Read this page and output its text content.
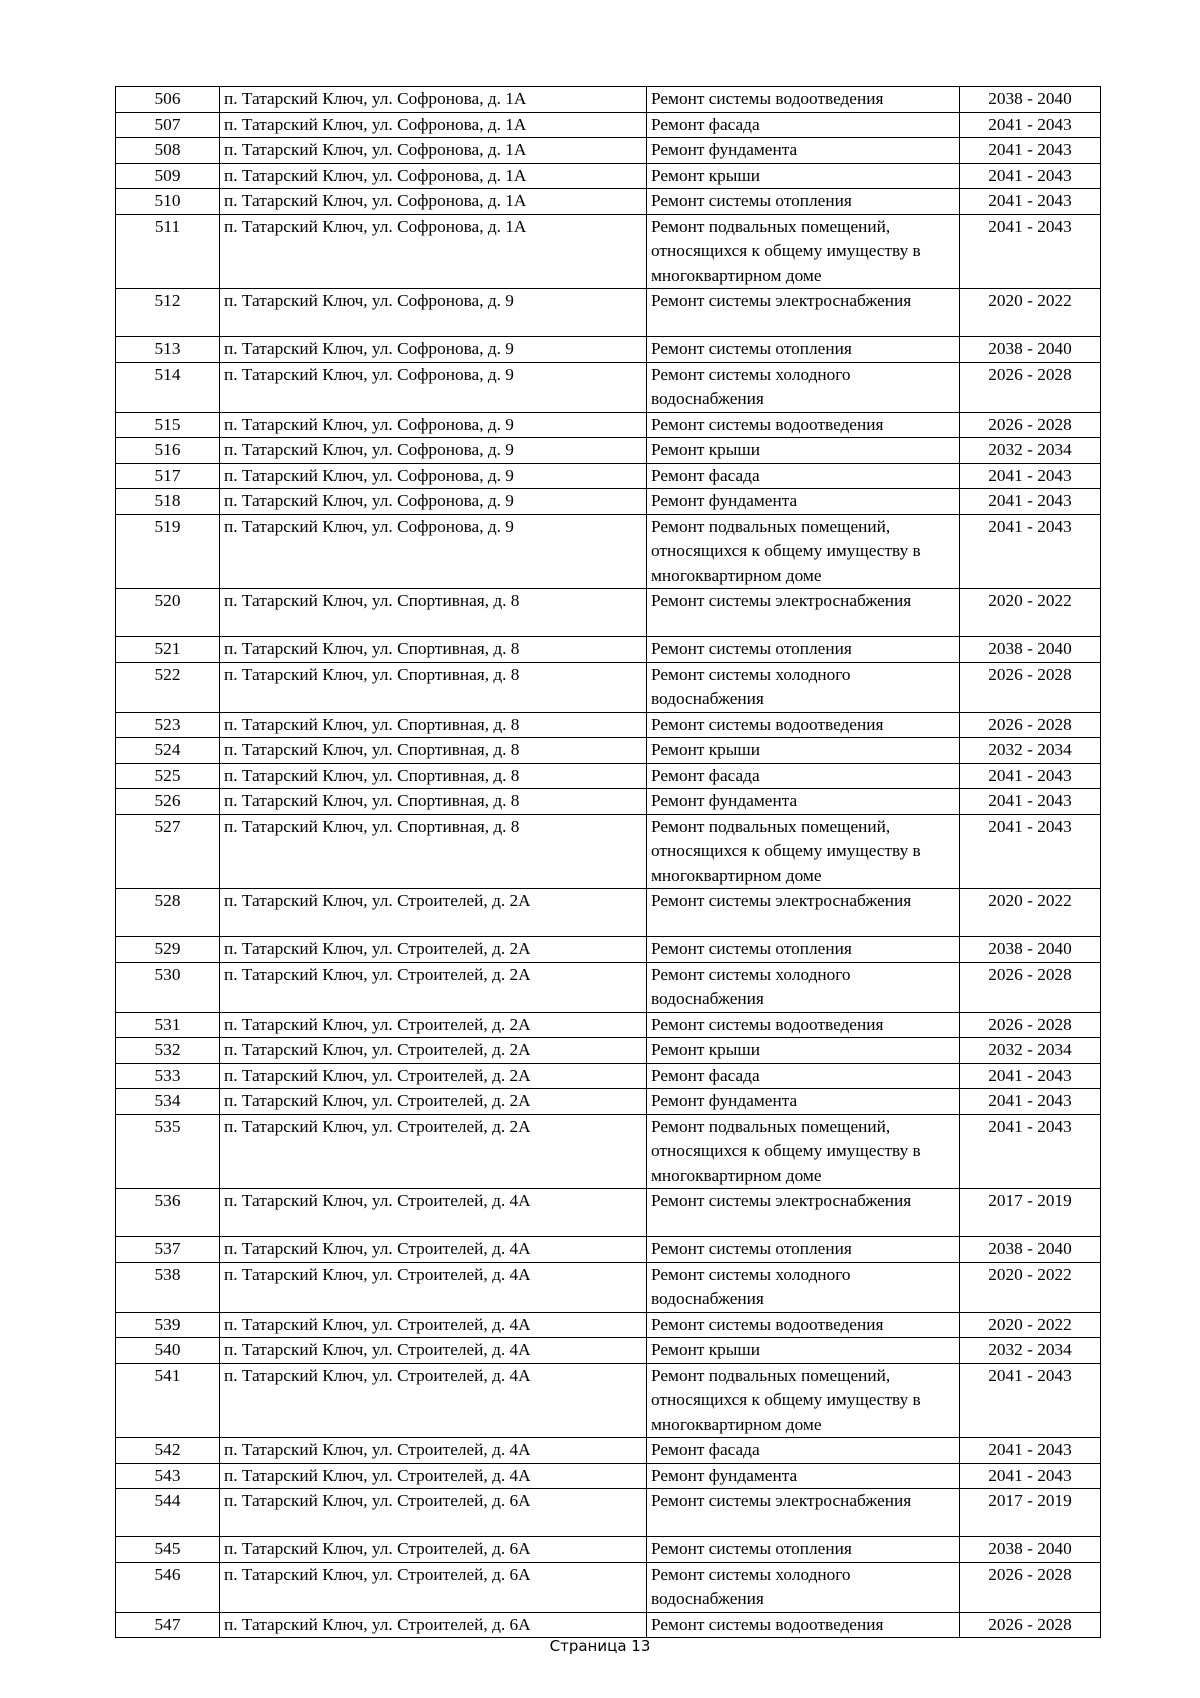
506	п. Татарский Ключ, ул. Софронова, д. 1А	Ремонт системы водоотведения	2038 - 2040
507	п. Татарский Ключ, ул. Софронова, д. 1А	Ремонт фасада	2041 - 2043
508	п. Татарский Ключ, ул. Софронова, д. 1А	Ремонт фундамента	2041 - 2043
509	п. Татарский Ключ, ул. Софронова, д. 1А	Ремонт крыши	2041 - 2043
510	п. Татарский Ключ, ул. Софронова, д. 1А	Ремонт системы отопления	2041 - 2043
511	п. Татарский Ключ, ул. Софронова, д. 1А	Ремонт подвальных помещений, относящихся к общему имуществу в многоквартирном доме	2041 - 2043
512	п. Татарский Ключ, ул. Софронова, д. 9	Ремонт системы электроснабжения	2020 - 2022
513	п. Татарский Ключ, ул. Софронова, д. 9	Ремонт системы отопления	2038 - 2040
514	п. Татарский Ключ, ул. Софронова, д. 9	Ремонт системы холодного водоснабжения	2026 - 2028
515	п. Татарский Ключ, ул. Софронова, д. 9	Ремонт системы водоотведения	2026 - 2028
516	п. Татарский Ключ, ул. Софронова, д. 9	Ремонт крыши	2032 - 2034
517	п. Татарский Ключ, ул. Софронова, д. 9	Ремонт фасада	2041 - 2043
518	п. Татарский Ключ, ул. Софронова, д. 9	Ремонт фундамента	2041 - 2043
519	п. Татарский Ключ, ул. Софронова, д. 9	Ремонт подвальных помещений, относящихся к общему имуществу в многоквартирном доме	2041 - 2043
520	п. Татарский Ключ, ул. Спортивная, д. 8	Ремонт системы электроснабжения	2020 - 2022
521	п. Татарский Ключ, ул. Спортивная, д. 8	Ремонт системы отопления	2038 - 2040
522	п. Татарский Ключ, ул. Спортивная, д. 8	Ремонт системы холодного водоснабжения	2026 - 2028
523	п. Татарский Ключ, ул. Спортивная, д. 8	Ремонт системы водоотведения	2026 - 2028
524	п. Татарский Ключ, ул. Спортивная, д. 8	Ремонт крыши	2032 - 2034
525	п. Татарский Ключ, ул. Спортивная, д. 8	Ремонт фасада	2041 - 2043
526	п. Татарский Ключ, ул. Спортивная, д. 8	Ремонт фундамента	2041 - 2043
527	п. Татарский Ключ, ул. Спортивная, д. 8	Ремонт подвальных помещений, относящихся к общему имуществу в многоквартирном доме	2041 - 2043
528	п. Татарский Ключ, ул. Строителей, д. 2А	Ремонт системы электроснабжения	2020 - 2022
529	п. Татарский Ключ, ул. Строителей, д. 2А	Ремонт системы отопления	2038 - 2040
530	п. Татарский Ключ, ул. Строителей, д. 2А	Ремонт системы холодного водоснабжения	2026 - 2028
531	п. Татарский Ключ, ул. Строителей, д. 2А	Ремонт системы водоотведения	2026 - 2028
532	п. Татарский Ключ, ул. Строителей, д. 2А	Ремонт крыши	2032 - 2034
533	п. Татарский Ключ, ул. Строителей, д. 2А	Ремонт фасада	2041 - 2043
534	п. Татарский Ключ, ул. Строителей, д. 2А	Ремонт фундамента	2041 - 2043
535	п. Татарский Ключ, ул. Строителей, д. 2А	Ремонт подвальных помещений, относящихся к общему имуществу в многоквартирном доме	2041 - 2043
536	п. Татарский Ключ, ул. Строителей, д. 4А	Ремонт системы электроснабжения	2017 - 2019
537	п. Татарский Ключ, ул. Строителей, д. 4А	Ремонт системы отопления	2038 - 2040
538	п. Татарский Ключ, ул. Строителей, д. 4А	Ремонт системы холодного водоснабжения	2020 - 2022
539	п. Татарский Ключ, ул. Строителей, д. 4А	Ремонт системы водоотведения	2020 - 2022
540	п. Татарский Ключ, ул. Строителей, д. 4А	Ремонт крыши	2032 - 2034
541	п. Татарский Ключ, ул. Строителей, д. 4А	Ремонт подвальных помещений, относящихся к общему имуществу в многоквартирном доме	2041 - 2043
542	п. Татарский Ключ, ул. Строителей, д. 4А	Ремонт фасада	2041 - 2043
543	п. Татарский Ключ, ул. Строителей, д. 4А	Ремонт фундамента	2041 - 2043
544	п. Татарский Ключ, ул. Строителей, д. 6А	Ремонт системы электроснабжения	2017 - 2019
545	п. Татарский Ключ, ул. Строителей, д. 6А	Ремонт системы отопления	2038 - 2040
546	п. Татарский Ключ, ул. Строителей, д. 6А	Ремонт системы холодного водоснабжения	2026 - 2028
547	п. Татарский Ключ, ул. Строителей, д. 6А	Ремонт системы водоотведения	2026 - 2028
Страница 13
